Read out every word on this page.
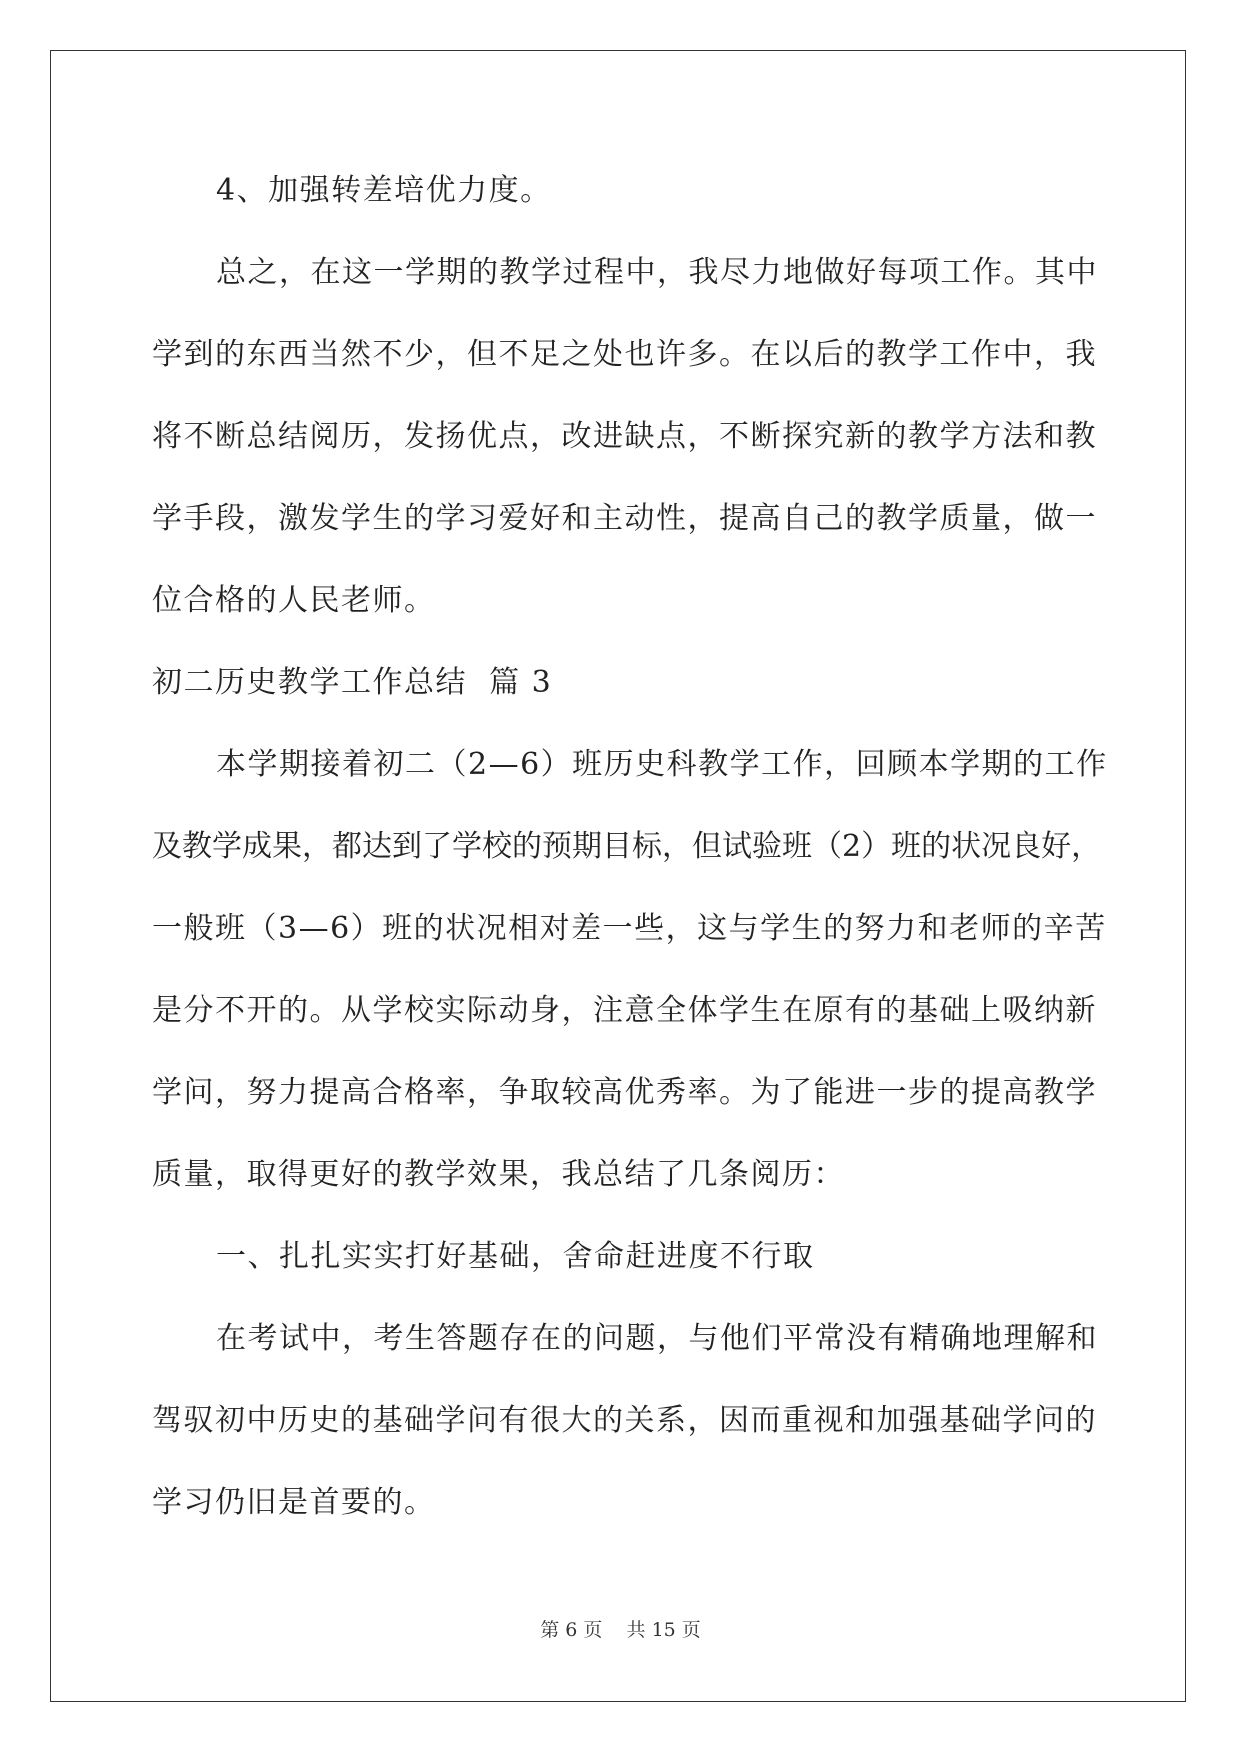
4、加强转差培优力度。
总之，在这一学期的教学过程中，我尽力地做好每项工作。其中
学到的东西当然不少，但不足之处也许多。在以后的教学工作中，我
将不断总结阅历，发扬优点，改进缺点，不断探究新的教学方法和教
学手段，激发学生的学习爱好和主动性，提高自己的教学质量，做一
位合格的人民老师。
初二历史教学工作总结  篇 3
本学期接着初二（2—6）班历史科教学工作，回顾本学期的工作
及教学成果，都达到了学校的预期目标，但试验班（2）班的状况良好，
一般班（3—6）班的状况相对差一些，这与学生的努力和老师的辛苦
是分不开的。从学校实际动身，注意全体学生在原有的基础上吸纳新
学问，努力提高合格率，争取较高优秀率。为了能进一步的提高教学
质量，取得更好的教学效果，我总结了几条阅历：
一、扎扎实实打好基础，舍命赶进度不行取
在考试中，考生答题存在的问题，与他们平常没有精确地理解和
驾驭初中历史的基础学问有很大的关系，因而重视和加强基础学问的
学习仍旧是首要的。
第 6 页    共 15 页
